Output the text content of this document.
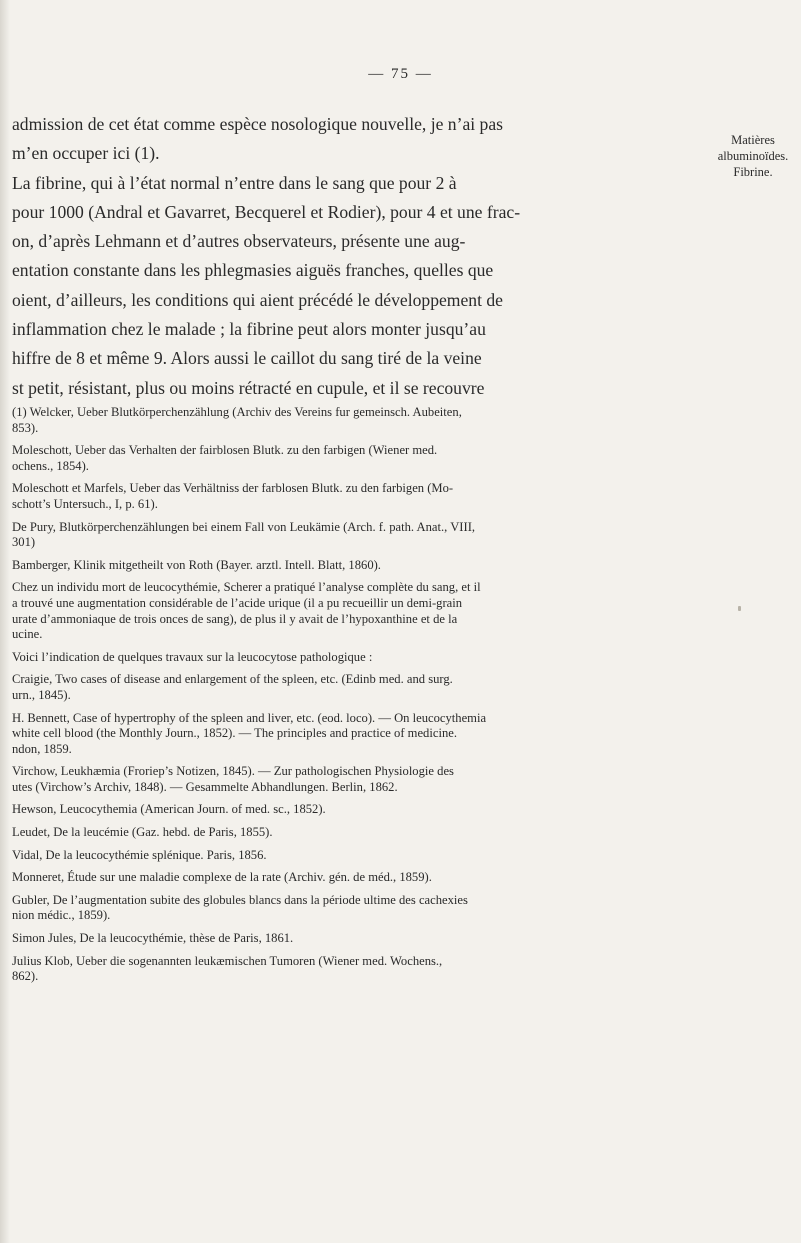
— 75 —
admission de cet état comme espèce nosologique nouvelle, je n’ai pas
m’en occuper ici (1).
La fibrine, qui à l’état normal n’entre dans le sang que pour 2 à
pour 1000 (Andral et Gavarret, Becquerel et Rodier), pour 4 et une frac-
on, d’après Lehmann et d’autres observateurs, présente une aug-
entation constante dans les phlegmasies aiguës franches, quelles que
oient, d’ailleurs, les conditions qui aient précédé le développement de
inflammation chez le malade ; la fibrine peut alors monter jusqu’au
hiffre de 8 et même 9. Alors aussi le caillot du sang tiré de la veine
st petit, résistant, plus ou moins rétracté en cupule, et il se recouvre
Matières
albuminoïdes.
Fibrine.
(1) Welcker, Ueber Blutkörperchenzählung (Archiv des Vereins fur gemeinsch. Aubeiten,
853).
Moleschott, Ueber das Verhalten der fairblosen Blutk. zu den farbigen (Wiener med.
ochens., 1854).
Moleschott et Marfels, Ueber das Verhältniss der farblosen Blutk. zu den farbigen (Mo-
schott’s Untersuch., I, p. 61).
De Pury, Blutkörperchenzählungen bei einem Fall von Leukämie (Arch. f. path. Anat., VIII,
301)
Bamberger, Klinik mitgetheilt von Roth (Bayer. arztl. Intell. Blatt, 1860).
Chez un individu mort de leucocythémie, Scherer a pratiqué l’analyse complète du sang, et il
a trouvé une augmentation considérable de l’acide urique (il a pu recueillir un demi-grain
urate d’ammoniaque de trois onces de sang), de plus il y avait de l’hypoxanthine et de la
ucine.
Voici l’indication de quelques travaux sur la leucocytose pathologique :
Craigie, Two cases of disease and enlargement of the spleen, etc. (Edinb med. and surg.
urn., 1845).
H. Bennett, Case of hypertrophy of the spleen and liver, etc. (eod. loco). — On leucocythemia
white cell blood (the Monthly Journ., 1852). — The principles and practice of medicine.
ndon, 1859.
Virchow, Leukhæmia (Froriep’s Notizen, 1845). — Zur pathologischen Physiologie des
utes (Virchow’s Archiv, 1848). — Gesammelte Abhandlungen. Berlin, 1862.
Hewson, Leucocythemia (American Journ. of med. sc., 1852).
Leudet, De la leucémie (Gaz. hebd. de Paris, 1855).
Vidal, De la leucocythémie splénique. Paris, 1856.
Monneret, Étude sur une maladie complexe de la rate (Archiv. gén. de méd., 1859).
Gubler, De l’augmentation subite des globules blancs dans la période ultime des cachexies
nion médic., 1859).
Simon Jules, De la leucocythémie, thèse de Paris, 1861.
Julius Klob, Ueber die sogenannten leukæmischen Tumoren (Wiener med. Wochens.,
862).
